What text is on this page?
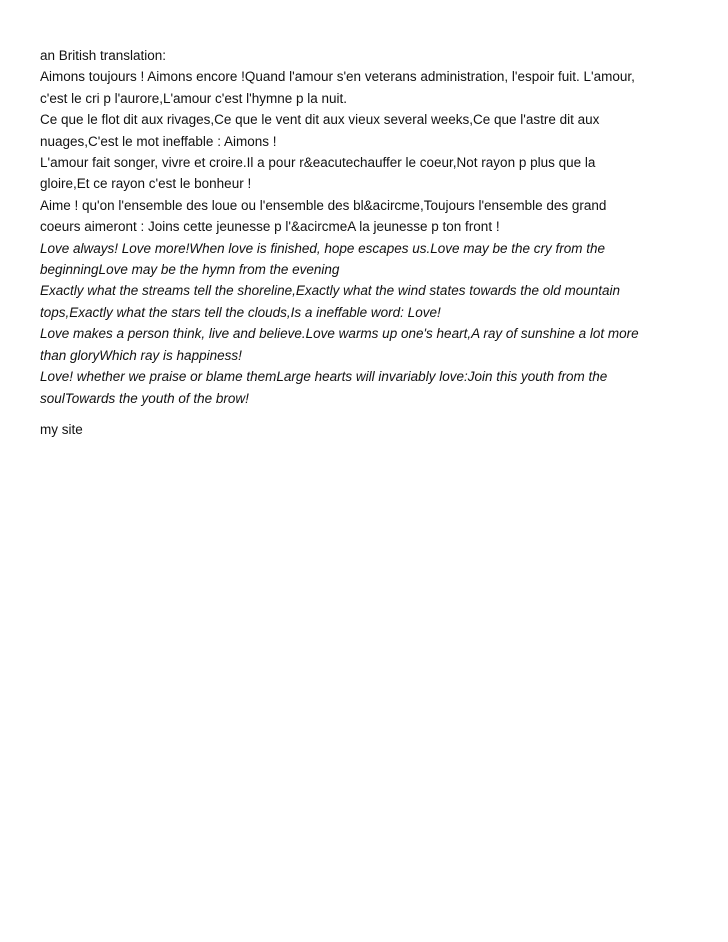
an British translation:

Aimons toujours ! Aimons encore !Quand l'amour s'en veterans administration, l'espoir fuit. L'amour,

c'est le cri p l'aurore,L'amour c'est l'hymne p la nuit.

Ce que le flot dit aux rivages,Ce que le vent dit aux vieux several weeks,Ce que l'astre dit aux

nuages,C'est le mot ineffable : Aimons !

L'amour fait songer, vivre et croire.Il a pour r&eacutechauffer le coeur,Not rayon p plus que la

gloire,Et ce rayon c'est le bonheur !

Aime ! qu'on l'ensemble des loue ou l'ensemble des bl&acircme,Toujours l'ensemble des grand

coeurs aimeront : Joins cette jeunesse p l'&acircmeA la jeunesse p ton front !

Love always! Love more!When love is finished, hope escapes us.Love may be the cry from the

beginningLove may be the hymn from the evening

Exactly what the streams tell the shoreline,Exactly what the wind states towards the old mountain

tops,Exactly what the stars tell the clouds,Is a ineffable word: Love!

Love makes a person think, live and believe.Love warms up one's heart,A ray of sunshine a lot more

than gloryWhich ray is happiness!

Love! whether we praise or blame themLarge hearts will invariably love:Join this youth from the

soulTowards the youth of the brow!

my site
